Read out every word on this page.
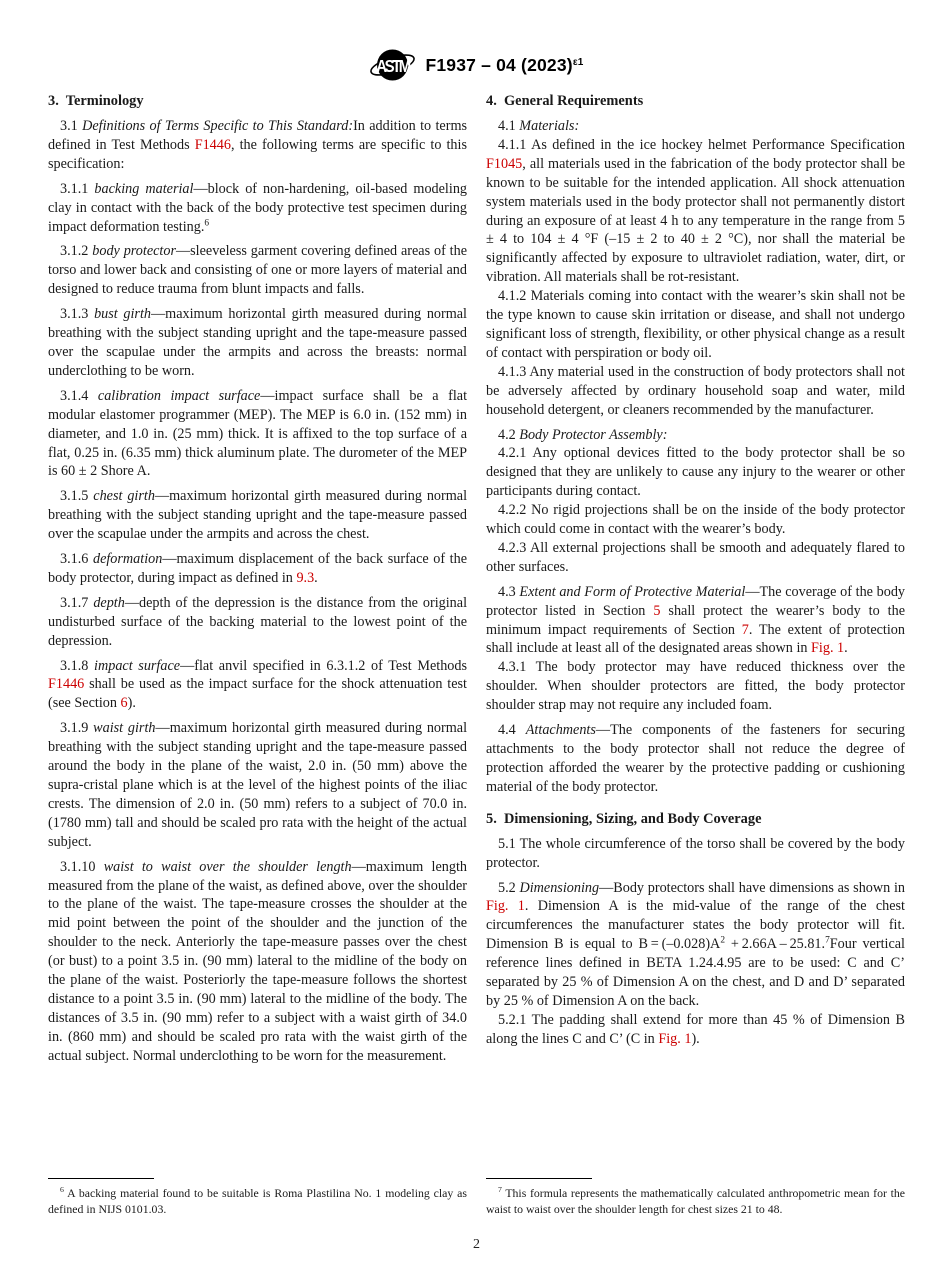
ASTM F1937 – 04 $(2023)^{\varepsilon 1}$
3.  Terminology

3.1 Definitions of Terms Specific to This Standard:In addition to terms defined in Test Methods F1446, the following terms are specific to this specification:

3.1.1 backing material—block of non-hardening, oil-based modeling clay in contact with the back of the body protective test specimen during impact deformation testing.$^6$

3.1.2 body protector—sleeveless garment covering defined areas of the torso and lower back and consisting of one or more layers of material and designed to reduce trauma from blunt impacts and falls.

3.1.3 bust girth—maximum horizontal girth measured during normal breathing with the subject standing upright and the tape-measure passed over the scapulae under the armpits and across the breasts: normal underclothing to be worn.

3.1.4 calibration impact surface—impact surface shall be a flat modular elastomer programmer (MEP). The MEP is 6.0 in. (152 mm) in diameter, and 1.0 in. (25 mm) thick. It is affixed to the top surface of a flat, 0.25 in. (6.35 mm) thick aluminum plate. The durometer of the MEP is 60 ± 2 Shore A.

3.1.5 chest girth—maximum horizontal girth measured during normal breathing with the subject standing upright and the tape-measure passed over the scapulae under the armpits and across the chest.

3.1.6 deformation—maximum displacement of the back surface of the body protector, during impact as defined in 9.3.

3.1.7 depth—depth of the depression is the distance from the original undisturbed surface of the backing material to the lowest point of the depression.

3.1.8 impact surface—flat anvil specified in 6.3.1.2 of Test Methods F1446 shall be used as the impact surface for the shock attenuation test (see Section 6).

3.1.9 waist girth—maximum horizontal girth measured during normal breathing with the subject standing upright and the tape-measure passed around the body in the plane of the waist, 2.0 in. (50 mm) above the supra-cristal plane which is at the level of the highest points of the iliac crests. The dimension of 2.0 in. (50 mm) refers to a subject of 70.0 in. (1780 mm) tall and should be scaled pro rata with the height of the actual subject.

3.1.10 waist to waist over the shoulder length—maximum length measured from the plane of the waist, as defined above, over the shoulder to the plane of the waist. The tape-measure crosses the shoulder at the mid point between the point of the shoulder and the junction of the shoulder to the neck. Anteriorly the tape-measure passes over the chest (or bust) to a point 3.5 in. (90 mm) lateral to the midline of the body on the plane of the waist. Posteriorly the tape-measure follows the shortest distance to a point 3.5 in. (90 mm) lateral to the midline of the body. The distances of 3.5 in. (90 mm) refer to a subject with a waist girth of 34.0 in. (860 mm) and should be scaled pro rata with the waist girth of the actual subject. Normal underclothing to be worn for the measurement.

$^6$ A backing material found to be suitable is Roma Plastilina No. 1 modeling clay as defined in NIJS 0101.03.

4.  General Requirements

4.1 Materials:

4.1.1 As defined in the ice hockey helmet Performance Specification F1045, all materials used in the fabrication of the body protector shall be known to be suitable for the intended application. All shock attenuation system materials used in the body protector shall not permanently distort during an exposure of at least 4 h to any temperature in the range from 5 ± 4 to 104 ± 4 °F (–15 ± 2 to 40 ± 2 °C), nor shall the material be significantly affected by exposure to ultraviolet radiation, water, dirt, or vibration. All materials shall be rot-resistant.

4.1.2 Materials coming into contact with the wearer’s skin shall not be the type known to cause skin irritation or disease, and shall not undergo significant loss of strength, flexibility, or other physical change as a result of contact with perspiration or body oil.

4.1.3 Any material used in the construction of body protectors shall not be adversely affected by ordinary household soap and water, mild household detergent, or cleaners recommended by the manufacturer.

4.2 Body Protector Assembly:

4.2.1 Any optional devices fitted to the body protector shall be so designed that they are unlikely to cause any injury to the wearer or other participants during contact.

4.2.2 No rigid projections shall be on the inside of the body protector which could come in contact with the wearer’s body.

4.2.3 All external projections shall be smooth and adequately flared to other surfaces.

4.3 Extent and Form of Protective Material—The coverage of the body protector listed in Section 5 shall protect the wearer’s body to the minimum impact requirements of Section 7. The extent of protection shall include at least all of the designated areas shown in Fig. 1.

4.3.1 The body protector may have reduced thickness over the shoulder. When shoulder protectors are fitted, the body protector shoulder strap may not require any included foam.

4.4 Attachments—The components of the fasteners for securing attachments to the body protector shall not reduce the degree of protection afforded the wearer by the protective padding or cushioning material of the body protector.

5.  Dimensioning, Sizing, and Body Coverage

5.1 The whole circumference of the torso shall be covered by the body protector.

5.2 Dimensioning—Body protectors shall have dimensions as shown in Fig. 1. Dimension A is the mid-value of the range of the chest circumferences the manufacturer states the body protector will fit. Dimension B is equal to $B = (-0.028)A^2 + 2.66A$ – 25.81.$^7$Four vertical reference lines defined in BETA 1.24.4.95 are to be used: C and C’ separated by 25 % of Dimension A on the chest, and D and D’ separated by 25 % of Dimension A on the back.

5.2.1 The padding shall extend for more than 45 % of Dimension B along the lines C and C’ (C in Fig. 1).

$^7$ This formula represents the mathematically calculated anthropometric mean for the waist to waist over the shoulder length for chest sizes 21 to 48.

2
